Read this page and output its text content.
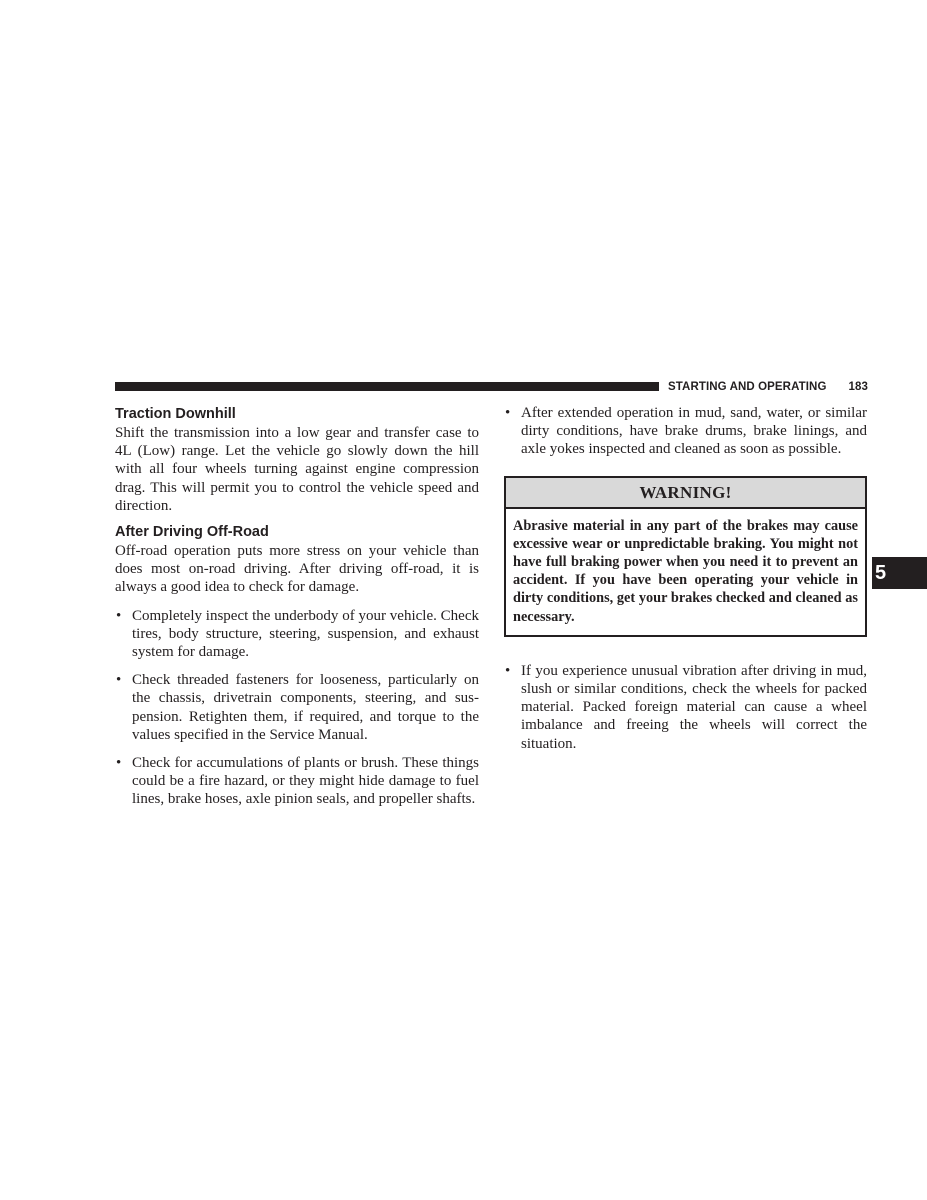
STARTING AND OPERATING 183
Traction Downhill

Shift the transmission into a low gear and transfer case to 4L (Low) range. Let the vehicle go slowly down the hill with all four wheels turning against engine compression drag. This will permit you to control the vehicle speed and direction.

After Driving Off-Road

Off-road operation puts more stress on your vehicle than does most on-road driving. After driving off-road, it is always a good idea to check for damage.

• Completely inspect the underbody of your vehicle. Check tires, body structure, steering, suspension, and exhaust system for damage.
• Check threaded fasteners for looseness, particularly on the chassis, drivetrain components, steering, and sus-pension. Retighten them, if required, and torque to the values specified in the Service Manual.
• Check for accumulations of plants or brush. These things could be a fire hazard, or they might hide damage to fuel lines, brake hoses, axle pinion seals, and propeller shafts.
• After extended operation in mud, sand, water, or similar dirty conditions, have brake drums, brake linings, and axle yokes inspected and cleaned as soon as possible.
WARNING!
Abrasive material in any part of the brakes may cause excessive wear or unpredictable braking. You might not have full braking power when you need it to prevent an accident. If you have been operating your vehicle in dirty conditions, get your brakes checked and cleaned as necessary.
• If you experience unusual vibration after driving in mud, slush or similar conditions, check the wheels for packed material. Packed foreign material can cause a wheel imbalance and freeing the wheels will correct the situation.
5
